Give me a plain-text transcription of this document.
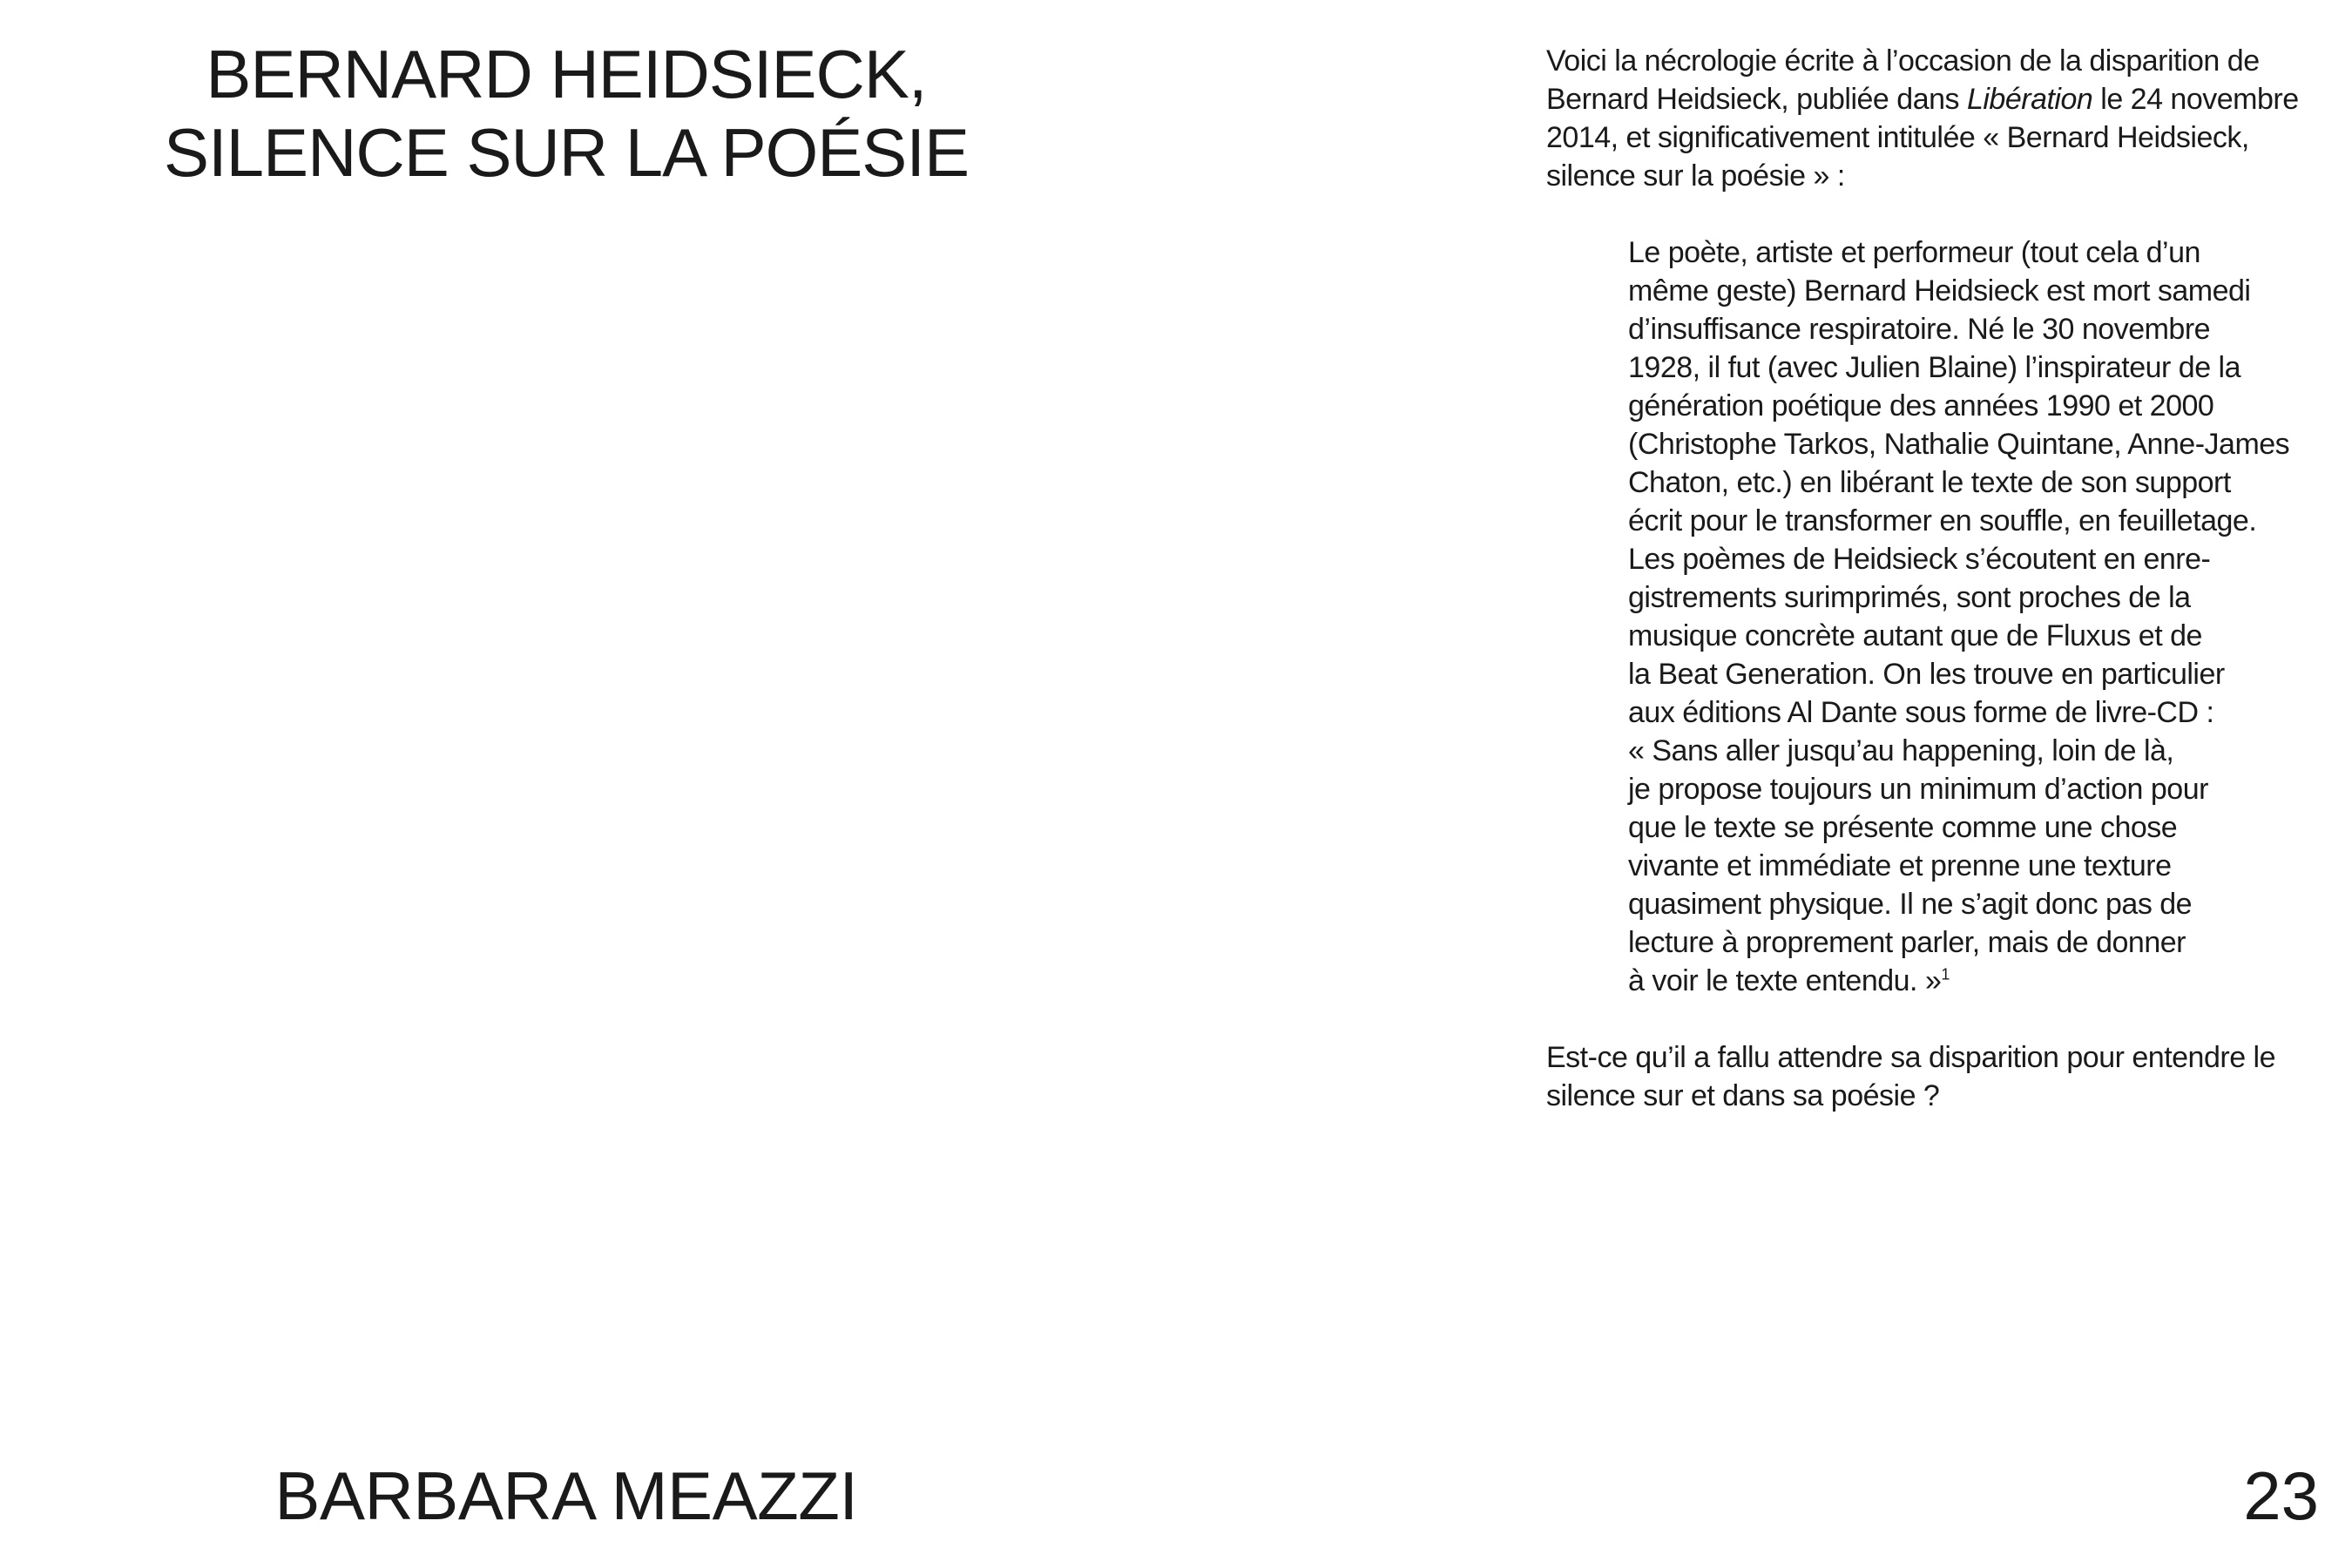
BERNARD HEIDSIECK,
SILENCE SUR LA POÉSIE

Voici la nécrologie écrite à l’occasion de la disparition de Bernard Heidsieck, publiée dans Libération le 24 novembre 2014, et significativement intitulée « Bernard Heidsieck, silence sur la poésie » :

Le poète, artiste et performeur (tout cela d’un
même geste) Bernard Heidsieck est mort samedi
d’insuffisance respiratoire. Né le 30 novembre
1928, il fut (avec Julien Blaine) l’inspirateur de la
génération poétique des années 1990 et 2000
(Christophe Tarkos, Nathalie Quintane, Anne-James
Chaton, etc.) en libérant le texte de son support
écrit pour le transformer en souffle, en feuilletage.
Les poèmes de Heidsieck s’écoutent en enre-
gistrements surimprimés, sont proches de la
musique concrète autant que de Fluxus et de
la Beat Generation. On les trouve en particulier
aux éditions Al Dante sous forme de livre-CD :
« Sans aller jusqu’au happening, loin de là,
je propose toujours un minimum d’action pour
que le texte se présente comme une chose
vivante et immédiate et prenne une texture
quasiment physique. Il ne s’agit donc pas de
lecture à proprement parler, mais de donner
à voir le texte entendu. »$^1$

Est-ce qu’il a fallu attendre sa disparition pour entendre le silence sur et dans sa poésie ?

BARBARA MEAZZI	23
